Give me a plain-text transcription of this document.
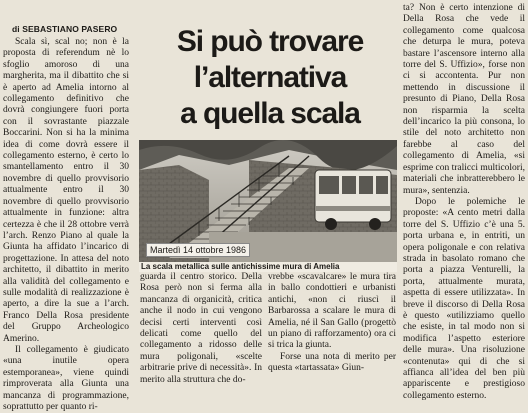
di SEBASTIANO PASERO

Scala sì, scal no; non è la proposta di referendum nè lo sfoglio amoroso di una margherita, ma il dibattito che si è aperto ad Amelia intorno al collegamento definitivo che dovrà congiungere fuori porta con il sovrastante piazzale Boccarini. Non si ha la minima idea di come dovrà essere il collegamento esterno, è certo lo smantellamento entro il 30 novembre di quello provvisorio attualmente entro il 30 novembre di quello provvisorio attualmente in funzione: altra certezza è che il 28 ottobre verrà l’arch. Renzo Piano al quale la Giunta ha affidato l’incarico di progettazione. In attesa del noto architetto, il dibattito in merito alla validità del collegamento e sulle modalità di realizzazione è aperto, a dire la sue a l’arch. Franco Della Rosa presidente del Gruppo Archeologico Amerino.

Il collegamento è giudicato «una inutile opera estemporanea», viene quindi rimproverata alla Giunta una mancanza di programmazione, soprattutto per quanto ri-

Si può trovare
l’alternativa
a quella scala
Martedì 14 ottobre 1986
La scala metallica sulle antichissime mura di Amelia

guarda il centro storico. Della Rosa però non si ferma alla mancanza di organicità, critica anche il nodo in cui vengono decisi certi interventi così delicati come quello del collegamento a ridosso delle mura poligonali, «scelte arbitrarie prive di necessità». In merito alla struttura che do-

vrebbe «scavalcare» le mura tira in ballo condottieri e urbanisti antichi, «non ci riuscì il Barbarossa a scalare le mura di Amelia, né il San Gallo (progettò un piano di rafforzamento) ora ci si trica la giunta.

Forse una nota di merito per questa «tartassata» Giun-

ta? Non è certo intenzione di Della Rosa che vede il collegamento come qualcosa che deturpa le mura, poteva bastare l’ascensore interno alla torre del S. Uffizio», forse non ci si accontenta. Pur non mettendo in discussione il presunto di Piano, Della Rosa non risparmia la scelta dell’incarico la più consona, lo stile del noto architetto non farebbe al caso del collegamento di Amelia, «si esprime con tralicci multicolori, materiali che inbratterebbero le mura», sentenzia.

Dopo le polemiche le proposte: «A cento metri dalla torre del S. Uffizio c’è una 5. porta urbana e, in entriti, un opera poligonale e con relativa strada in basolato romano che porta a piazza Venturelli, la porta, attualmente murata, aspetta di essere utilizzata». In breve il discorso di Della Rosa è questo «utilizziamo quello che esiste, in tal modo non si modifica l’aspetto esteriore delle mura». Una risoluzione «contenuta» qui di che si affianca all’idea del ben più appariscente e prestigioso collegamento esterno.
